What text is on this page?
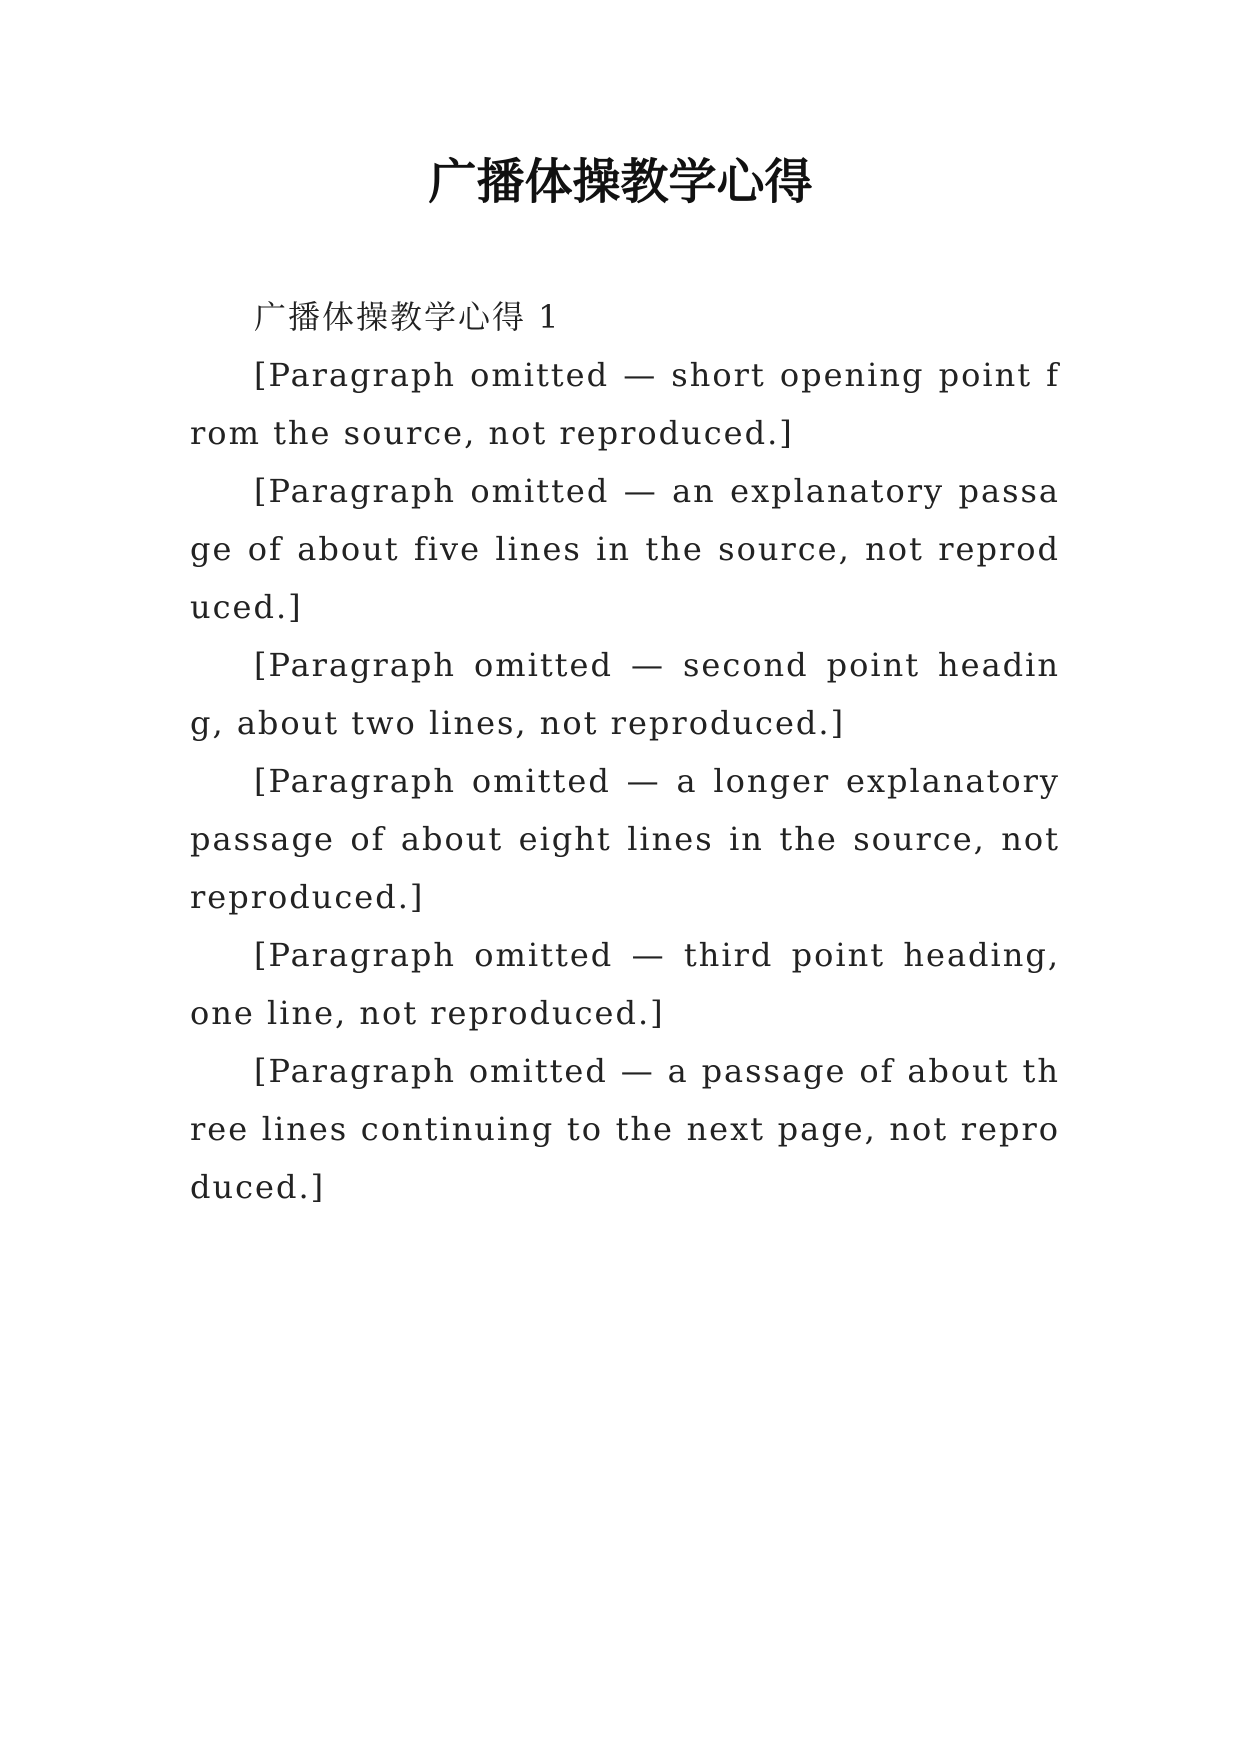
广播体操教学心得

广播体操教学心得 1

[Paragraph omitted — short opening point from the source, not reproduced.]

[Paragraph omitted — an explanatory passage of about five lines in the source, not reproduced.]

[Paragraph omitted — second point heading, about two lines, not reproduced.]

[Paragraph omitted — a longer explanatory passage of about eight lines in the source, not reproduced.]

[Paragraph omitted — third point heading, one line, not reproduced.]

[Paragraph omitted — a passage of about three lines continuing to the next page, not reproduced.]
